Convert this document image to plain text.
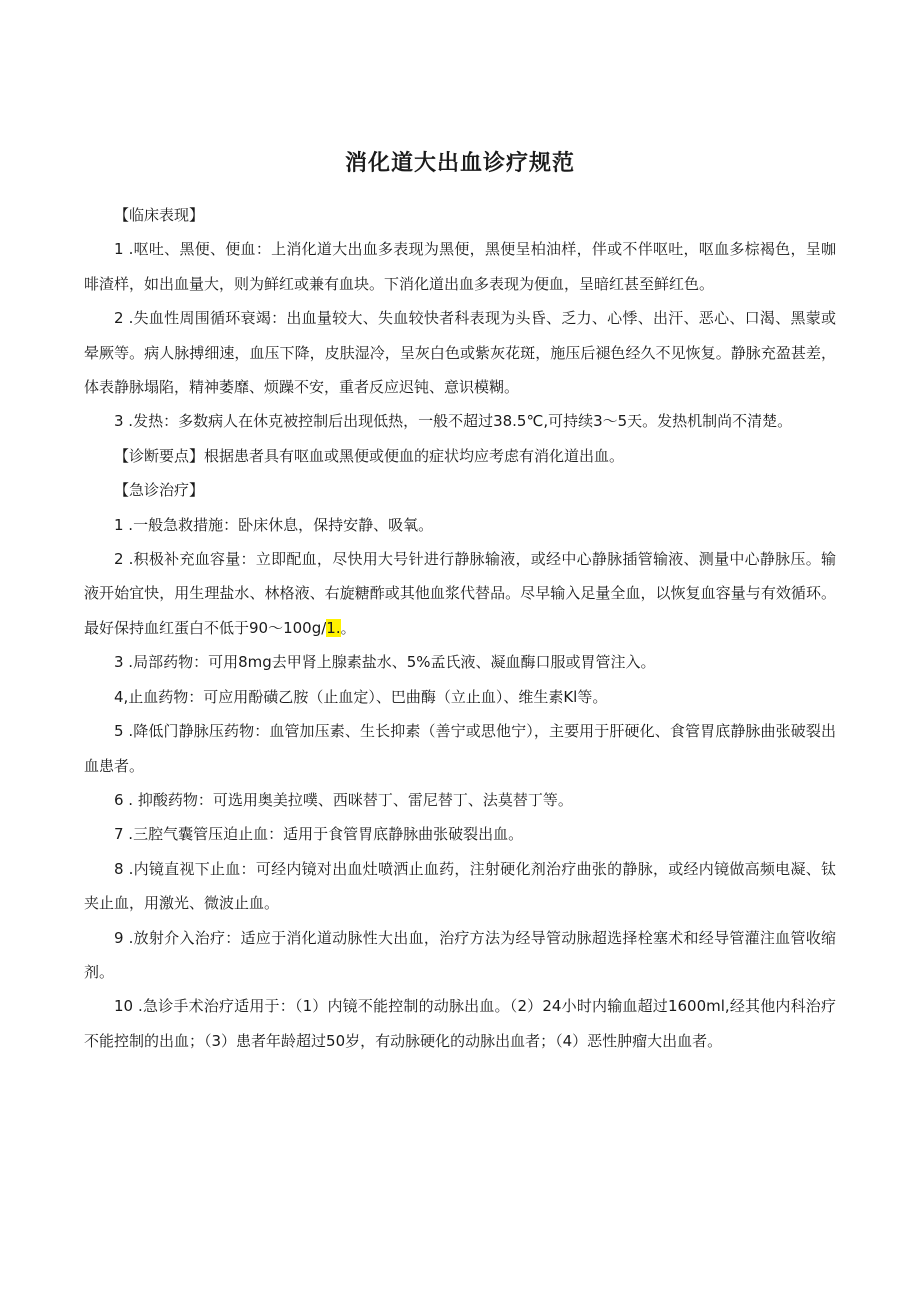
消化道大出血诊疗规范

【临床表现】

1 .呕吐、黑便、便血：上消化道大出血多表现为黑便，黑便呈柏油样，伴或不伴呕吐，呕血多棕褐色，呈咖啡渣样，如出血量大，则为鲜红或兼有血块。下消化道出血多表现为便血，呈暗红甚至鲜红色。

2 .失血性周围循环衰竭：出血量较大、失血较快者科表现为头昏、乏力、心悸、出汗、恶心、口渴、黑蒙或晕厥等。病人脉搏细速，血压下降，皮肤湿冷，呈灰白色或紫灰花斑，施压后褪色经久不见恢复。静脉充盈甚差，体表静脉塌陷，精神萎靡、烦躁不安，重者反应迟钝、意识模糊。

3 .发热：多数病人在休克被控制后出现低热，一般不超过38.5℃,可持续3～5天。发热机制尚不清楚。

【诊断要点】根据患者具有呕血或黑便或便血的症状均应考虑有消化道出血。

【急诊治疗】

1 .一般急救措施：卧床休息，保持安静、吸氧。

2 .积极补充血容量：立即配血，尽快用大号针进行静脉输液，或经中心静脉插管输液、测量中心静脉压。输液开始宜快，用生理盐水、林格液、右旋糖酢或其他血浆代替品。尽早输入足量全血，以恢复血容量与有效循环。最好保持血红蛋白不低于90～100g/1.。

3 .局部药物：可用8mg去甲肾上腺素盐水、5%孟氏液、凝血酶口服或胃管注入。

4,止血药物：可应用酚磺乙胺（止血定）、巴曲酶（立止血）、维生素Kl等。

5 .降低门静脉压药物：血管加压素、生长抑素（善宁或思他宁），主要用于肝硬化、食管胃底静脉曲张破裂出血患者。

6 . 抑酸药物：可选用奥美拉噗、西咪替丁、雷尼替丁、法莫替丁等。

7 .三腔气囊管压迫止血：适用于食管胃底静脉曲张破裂出血。

8 .内镜直视下止血：可经内镜对出血灶喷洒止血药，注射硬化剂治疗曲张的静脉，或经内镜做高频电凝、钛夹止血，用激光、微波止血。

9 .放射介入治疗：适应于消化道动脉性大出血，治疗方法为经导管动脉超选择栓塞术和经导管灌注血管收缩剂。

10 .急诊手术治疗适用于：（1）内镜不能控制的动脉出血。（2）24小时内输血超过1600ml,经其他内科治疗不能控制的出血；（3）患者年龄超过50岁，有动脉硬化的动脉出血者；（4）恶性肿瘤大出血者。
